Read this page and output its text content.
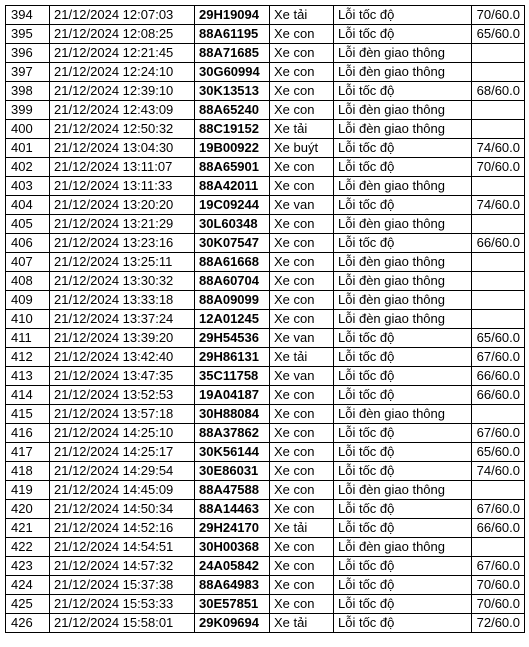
394	21/12/2024 12:07:03	29H19094	Xe tải	Lỗi tốc độ	70/60.0
395	21/12/2024 12:08:25	88A61195	Xe con	Lỗi tốc độ	65/60.0
396	21/12/2024 12:21:45	88A71685	Xe con	Lỗi đèn giao thông	
397	21/12/2024 12:24:10	30G60994	Xe con	Lỗi đèn giao thông	
398	21/12/2024 12:39:10	30K13513	Xe con	Lỗi tốc độ	68/60.0
399	21/12/2024 12:43:09	88A65240	Xe con	Lỗi đèn giao thông	
400	21/12/2024 12:50:32	88C19152	Xe tải	Lỗi đèn giao thông	
401	21/12/2024 13:04:30	19B00922	Xe buýt	Lỗi tốc độ	74/60.0
402	21/12/2024 13:11:07	88A65901	Xe con	Lỗi tốc độ	70/60.0
403	21/12/2024 13:11:33	88A42011	Xe con	Lỗi đèn giao thông	
404	21/12/2024 13:20:20	19C09244	Xe van	Lỗi tốc độ	74/60.0
405	21/12/2024 13:21:29	30L60348	Xe con	Lỗi đèn giao thông	
406	21/12/2024 13:23:16	30K07547	Xe con	Lỗi tốc độ	66/60.0
407	21/12/2024 13:25:11	88A61668	Xe con	Lỗi đèn giao thông	
408	21/12/2024 13:30:32	88A60704	Xe con	Lỗi đèn giao thông	
409	21/12/2024 13:33:18	88A09099	Xe con	Lỗi đèn giao thông	
410	21/12/2024 13:37:24	12A01245	Xe con	Lỗi đèn giao thông	
411	21/12/2024 13:39:20	29H54536	Xe van	Lỗi tốc độ	65/60.0
412	21/12/2024 13:42:40	29H86131	Xe tải	Lỗi tốc độ	67/60.0
413	21/12/2024 13:47:35	35C11758	Xe van	Lỗi tốc độ	66/60.0
414	21/12/2024 13:52:53	19A04187	Xe con	Lỗi tốc độ	66/60.0
415	21/12/2024 13:57:18	30H88084	Xe con	Lỗi đèn giao thông	
416	21/12/2024 14:25:10	88A37862	Xe con	Lỗi tốc độ	67/60.0
417	21/12/2024 14:25:17	30K56144	Xe con	Lỗi tốc độ	65/60.0
418	21/12/2024 14:29:54	30E86031	Xe con	Lỗi tốc độ	74/60.0
419	21/12/2024 14:45:09	88A47588	Xe con	Lỗi đèn giao thông	
420	21/12/2024 14:50:34	88A14463	Xe con	Lỗi tốc độ	67/60.0
421	21/12/2024 14:52:16	29H24170	Xe tải	Lỗi tốc độ	66/60.0
422	21/12/2024 14:54:51	30H00368	Xe con	Lỗi đèn giao thông	
423	21/12/2024 14:57:32	24A05842	Xe con	Lỗi tốc độ	67/60.0
424	21/12/2024 15:37:38	88A64983	Xe con	Lỗi tốc độ	70/60.0
425	21/12/2024 15:53:33	30E57851	Xe con	Lỗi tốc độ	70/60.0
426	21/12/2024 15:58:01	29K09694	Xe tải	Lỗi tốc độ	72/60.0
